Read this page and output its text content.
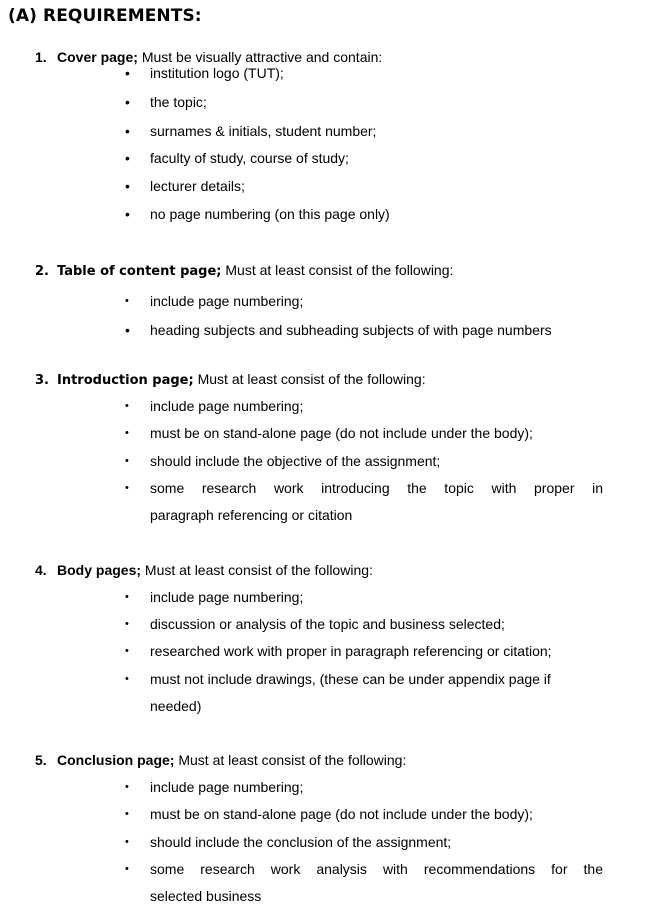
(A) REQUIREMENTS:
1. Cover page; Must be visually attractive and contain:
• institution logo (TUT);
• the topic;
• surnames & initials, student number;
• faculty of study, course of study;
• lecturer details;
• no page numbering (on this page only)
2. Table of content page; Must at least consist of the following:
• include page numbering;
• heading subjects and subheading subjects of with page numbers
3. Introduction page; Must at least consist of the following:
• include page numbering;
• must be on stand-alone page (do not include under the body);
• should include the objective of the assignment;
• some research work introducing the topic with proper in
paragraph referencing or citation
4. Body pages; Must at least consist of the following:
• include page numbering;
• discussion or analysis of the topic and business selected;
• researched work with proper in paragraph referencing or citation;
• must not include drawings, (these can be under appendix page if
needed)
5. Conclusion page; Must at least consist of the following:
• include page numbering;
• must be on stand-alone page (do not include under the body);
• should include the conclusion of the assignment;
• some research work analysis with recommendations for the
selected business
